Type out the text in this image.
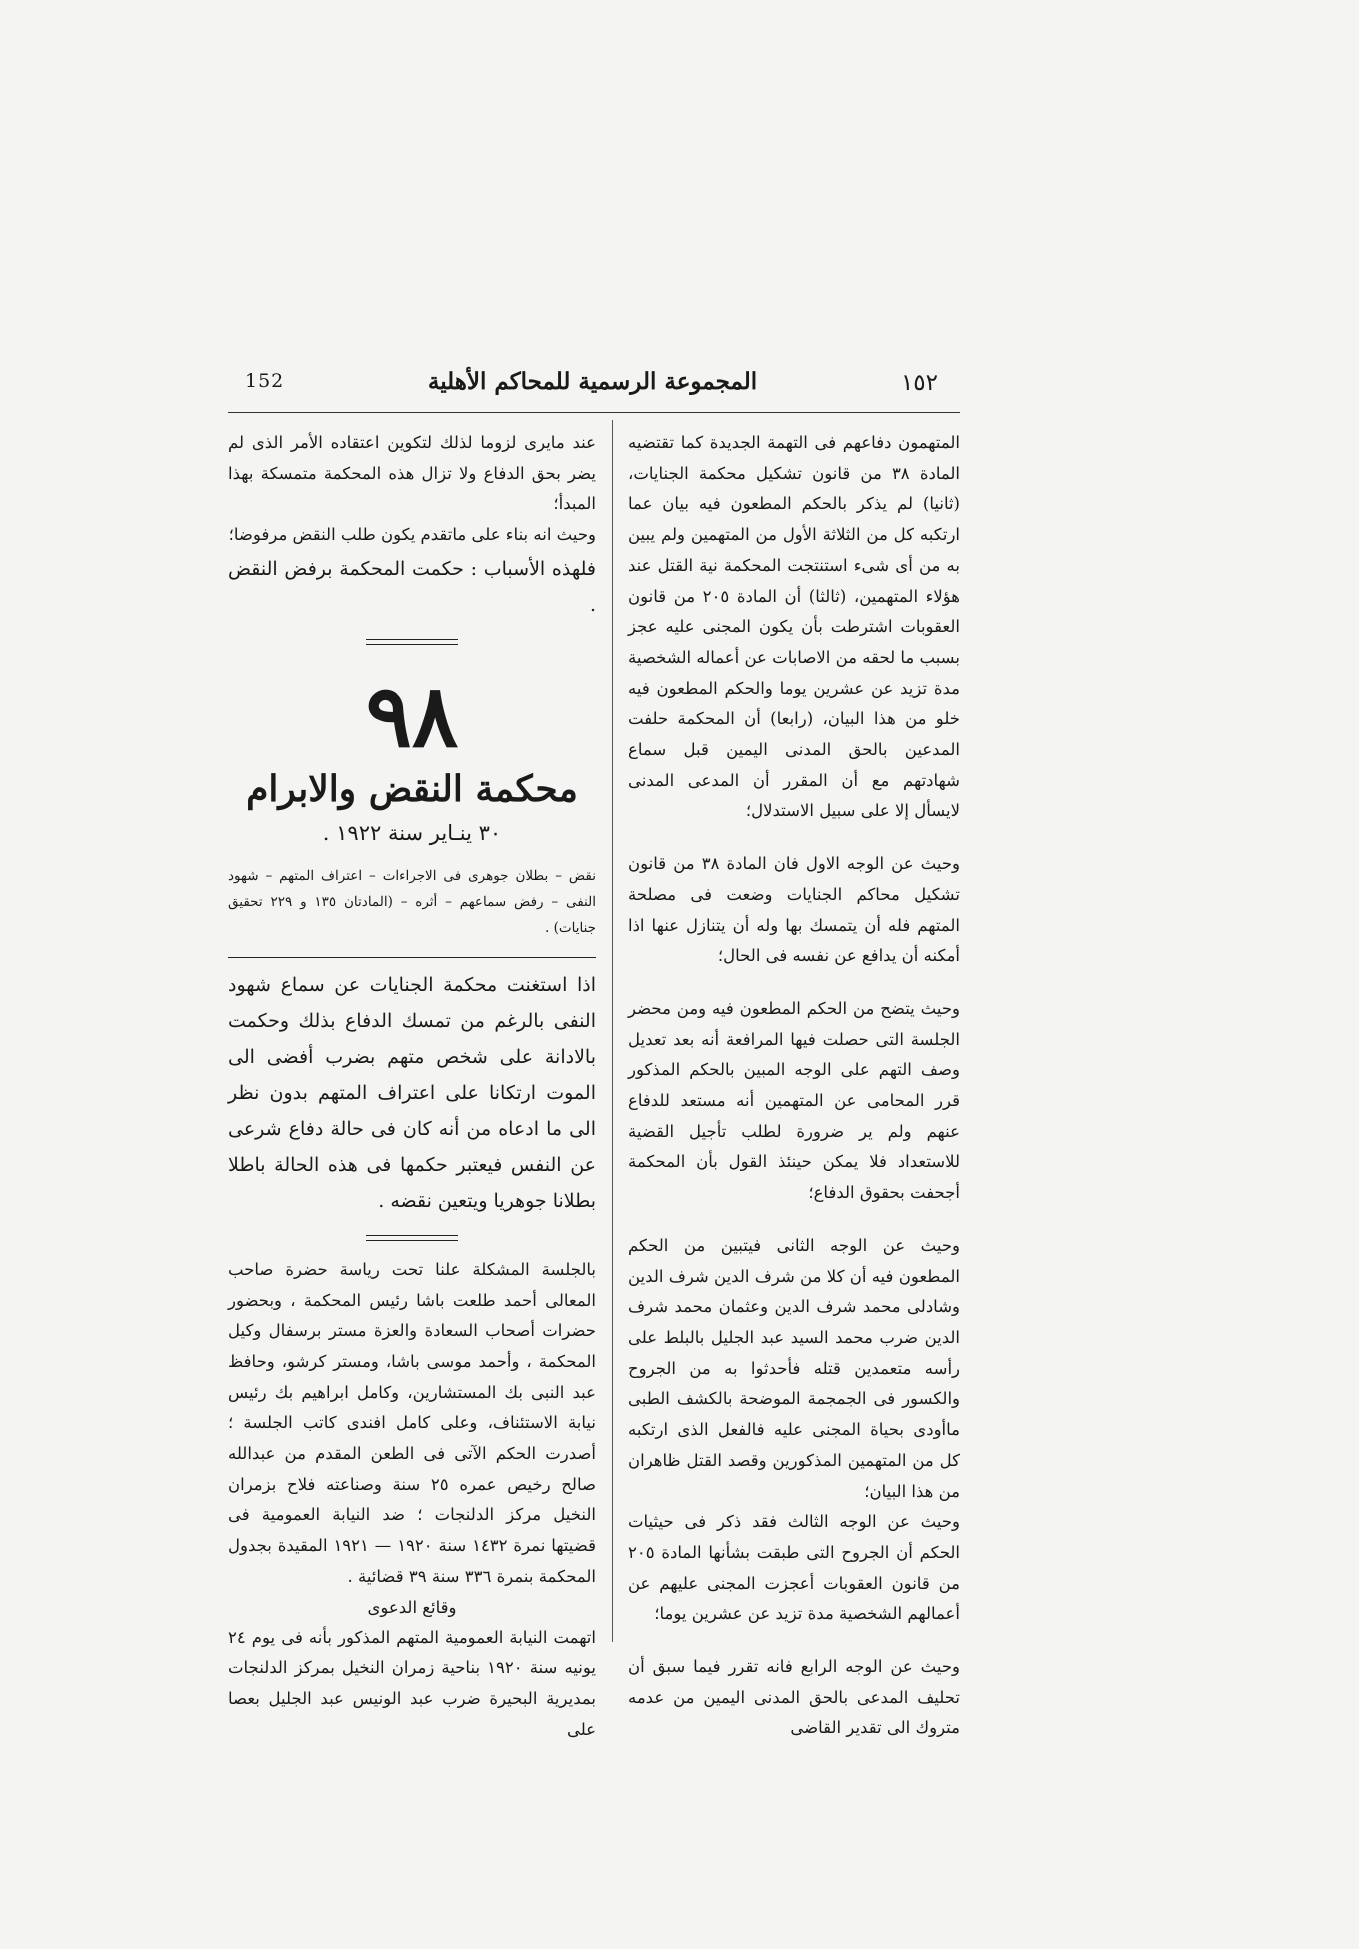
152	المجموعة الرسمية للمحاكم الأهلية	١٥٢

المتهمون دفاعهم فى التهمة الجديدة كما تقتضيه المادة ٣٨ من قانون تشكيل محكمة الجنايات، (ثانيا) لم يذكر بالحكم المطعون فيه بيان عما ارتكبه كل من الثلاثة الأول من المتهمين ولم يبين به من أى شىء استنتجت المحكمة نية القتل عند هؤلاء المتهمين، (ثالثا) أن المادة ٢٠٥ من قانون العقوبات اشترطت بأن يكون المجنى عليه عجز بسبب ما لحقه من الاصابات عن أعماله الشخصية مدة تزيد عن عشرين يوما والحكم المطعون فيه خلو من هذا البيان، (رابعا) أن المحكمة حلفت المدعين بالحق المدنى اليمين قبل سماع شهادتهم مع أن المقرر أن المدعى المدنى لايسأل إلا على سبيل الاستدلال؛

وحيث عن الوجه الاول فان المادة ٣٨ من قانون تشكيل محاكم الجنايات وضعت فى مصلحة المتهم فله أن يتمسك بها وله أن يتنازل عنها اذا أمكنه أن يدافع عن نفسه فى الحال؛

وحيث يتضح من الحكم المطعون فيه ومن محضر الجلسة التى حصلت فيها المرافعة أنه بعد تعديل وصف التهم على الوجه المبين بالحكم المذكور قرر المحامى عن المتهمين أنه مستعد للدفاع عنهم ولم ير ضرورة لطلب تأجيل القضية للاستعداد فلا يمكن حينئذ القول بأن المحكمة أجحفت بحقوق الدفاع؛

وحيث عن الوجه الثانى فيتبين من الحكم المطعون فيه أن كلا من شرف الدين شرف الدين وشادلى محمد شرف الدين وعثمان محمد شرف الدين ضرب محمد السيد عبد الجليل بالبلط على رأسه متعمدين قتله فأحدثوا به من الجروح والكسور فى الجمجمة الموضحة بالكشف الطبى ماأودى بحياة المجنى عليه فالفعل الذى ارتكبه كل من المتهمين المذكورين وقصد القتل ظاهران من هذا البيان؛

وحيث عن الوجه الثالث فقد ذكر فى حيثيات الحكم أن الجروح التى طبقت بشأنها المادة ٢٠٥ من قانون العقوبات أعجزت المجنى عليهم عن أعمالهم الشخصية مدة تزيد عن عشرين يوما؛

وحيث عن الوجه الرابع فانه تقرر فيما سبق أن تحليف المدعى بالحق المدنى اليمين من عدمه متروك الى تقدير القاضى

عند مايرى لزوما لذلك لتكوين اعتقاده الأمر الذى لم يضر بحق الدفاع ولا تزال هذه المحكمة متمسكة بهذا المبدأ؛

وحيث انه بناء على ماتقدم يكون طلب النقض مرفوضا؛

فلهذه الأسباب : حكمت المحكمة برفض النقض .

٩٨
محكمة النقض والابرام
٣٠ ينـاير سنة ١٩٢٢ .

نقض – بطلان جوهرى فى الاجراءات – اعتراف المتهم – شهود النفى – رفض سماعهم – أثره – (المادتان ١٣٥ و ٢٢٩ تحقيق جنايات) .

اذا استغنت محكمة الجنايات عن سماع شهود النفى بالرغم من تمسك الدفاع بذلك وحكمت بالادانة على شخص متهم بضرب أفضى الى الموت ارتكانا على اعتراف المتهم بدون نظر الى ما ادعاه من أنه كان فى حالة دفاع شرعى عن النفس فيعتبر حكمها فى هذه الحالة باطلا بطلانا جوهريا ويتعين نقضه .

بالجلسة المشكلة علنا تحت رياسة حضرة صاحب المعالى أحمد طلعت باشا رئيس المحكمة ، وبحضور حضرات أصحاب السعادة والعزة مستر برسفال وكيل المحكمة ، وأحمد موسى باشا، ومستر كرشو، وحافظ عبد النبى بك المستشارين، وكامل ابراهيم بك رئيس نيابة الاستئناف، وعلى كامل افندى كاتب الجلسة ؛ أصدرت الحكم الآتى فى الطعن المقدم من عبدالله صالح رخيص عمره ٢٥ سنة وصناعته فلاح بزمران النخيل مركز الدلنجات ؛ ضد النيابة العمومية فى قضيتها نمرة ١٤٣٢ سنة ١٩٢٠ — ١٩٢١ المقيدة بجدول المحكمة بنمرة ٣٣٦ سنة ٣٩ قضائية .

وقائع الدعوى

اتهمت النيابة العمومية المتهم المذكور بأنه فى يوم ٢٤ يونيه سنة ١٩٢٠ بناحية زمران النخيل بمركز الدلنجات بمديرية البحيرة ضرب عبد الونيس عبد الجليل بعصا على
